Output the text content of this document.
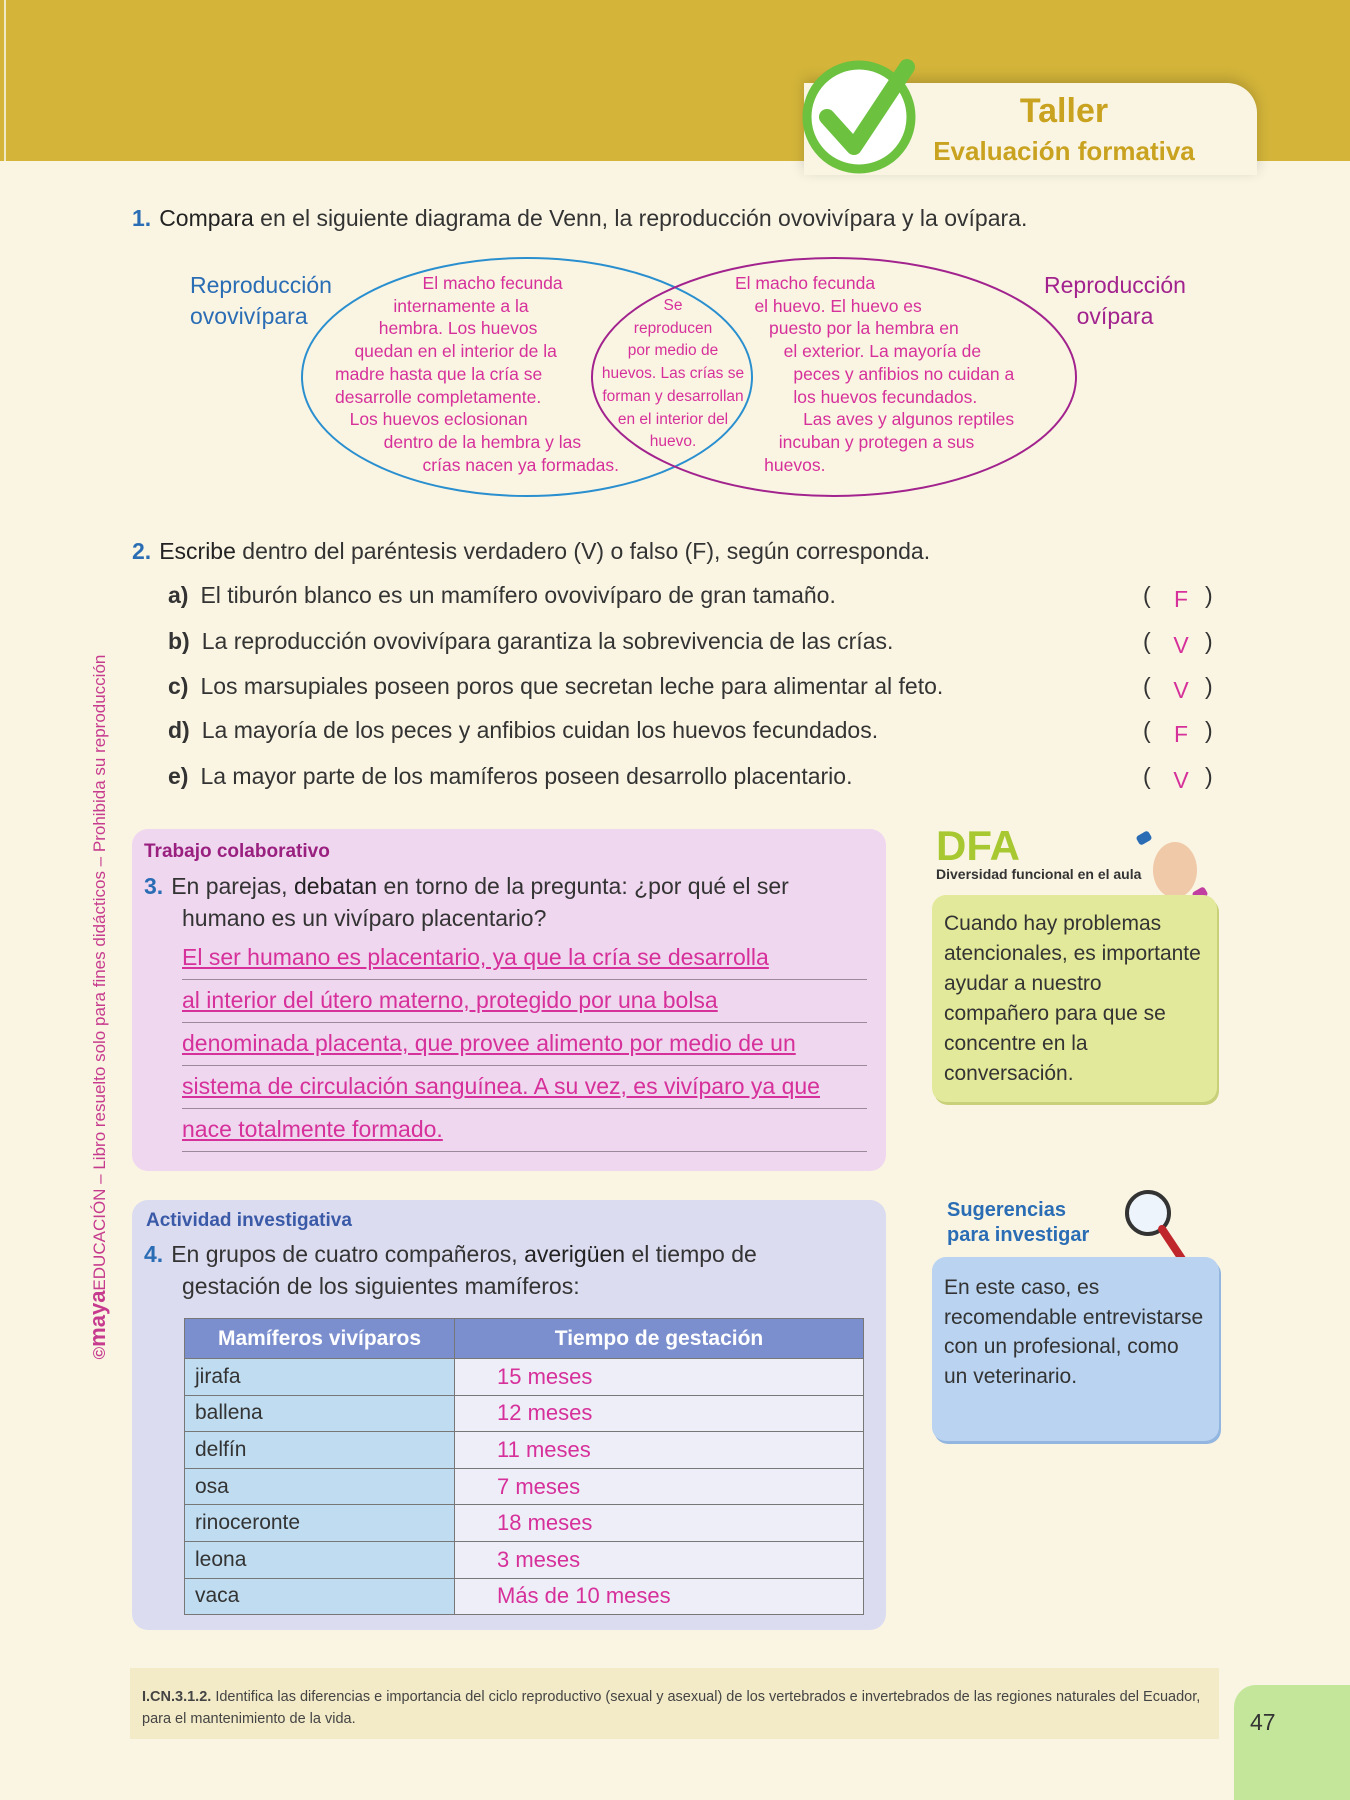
Taller
Evaluación formativa
©mayaEDUCACIÓN – Libro resuelto solo para fines didácticos – Prohibida su reproducción
1. Compara en el siguiente diagrama de Venn, la reproducción ovovivípara y la ovípara.
Reproducción
ovovivípara
Reproducción
ovípara
El macho fecunda
internamente a la
hembra. Los huevos
quedan en el interior de la
madre hasta que la cría se
desarrolle completamente.
Los huevos eclosionan
dentro de la hembra y las
crías nacen ya formadas.
Se
reproducen
por medio de
huevos. Las crías se
forman y desarrollan
en el interior del
huevo.
El macho fecunda
el huevo. El huevo es
puesto por la hembra en
el exterior. La mayoría de
peces y anfibios no cuidan a
los huevos fecundados.
Las aves y algunos reptiles
incuban y protegen a sus
huevos.
2. Escribe dentro del paréntesis verdadero (V) o falso (F), según corresponda.
a) El tiburón blanco es un mamífero ovovivíparo de gran tamaño.	(	F )
b) La reproducción ovovivípara garantiza la sobrevivencia de las crías.	( V )
c) Los marsupiales poseen poros que secretan leche para alimentar al feto.	( V )
d) La mayoría de los peces y anfibios cuidan los huevos fecundados.	(	F )
e) La mayor parte de los mamíferos poseen desarrollo placentario.	( V )
Trabajo colaborativo
3. En parejas, debatan en torno de la pregunta: ¿por qué el ser
humano es un vivíparo placentario?
El ser humano es placentario, ya que la cría se desarrolla
al interior del útero materno, protegido por una bolsa
denominada placenta, que provee alimento por medio de un
sistema de circulación sanguínea. A su vez, es vivíparo ya que
nace totalmente formado.
DFA
Diversidad funcional en el aula
Cuando hay problemas atencionales, es importante ayudar a nuestro compañero para que se concentre en la conversación.
Actividad investigativa
4. En grupos de cuatro compañeros, averigüen el tiempo de
gestación de los siguientes mamíferos:
Mamíferos vivíparos	Tiempo de gestación
jirafa	15 meses
ballena	12 meses
delfín	11 meses
osa	7 meses
rinoceronte	18 meses
leona	3 meses
vaca	Más de 10 meses
Sugerencias
para investigar
En este caso, es recomendable entrevistarse con un profesional, como un veterinario.
I.CN.3.1.2. Identifica las diferencias e importancia del ciclo reproductivo (sexual y asexual) de los vertebrados e invertebrados de las regiones naturales del Ecuador, para el mantenimiento de la vida.	47
